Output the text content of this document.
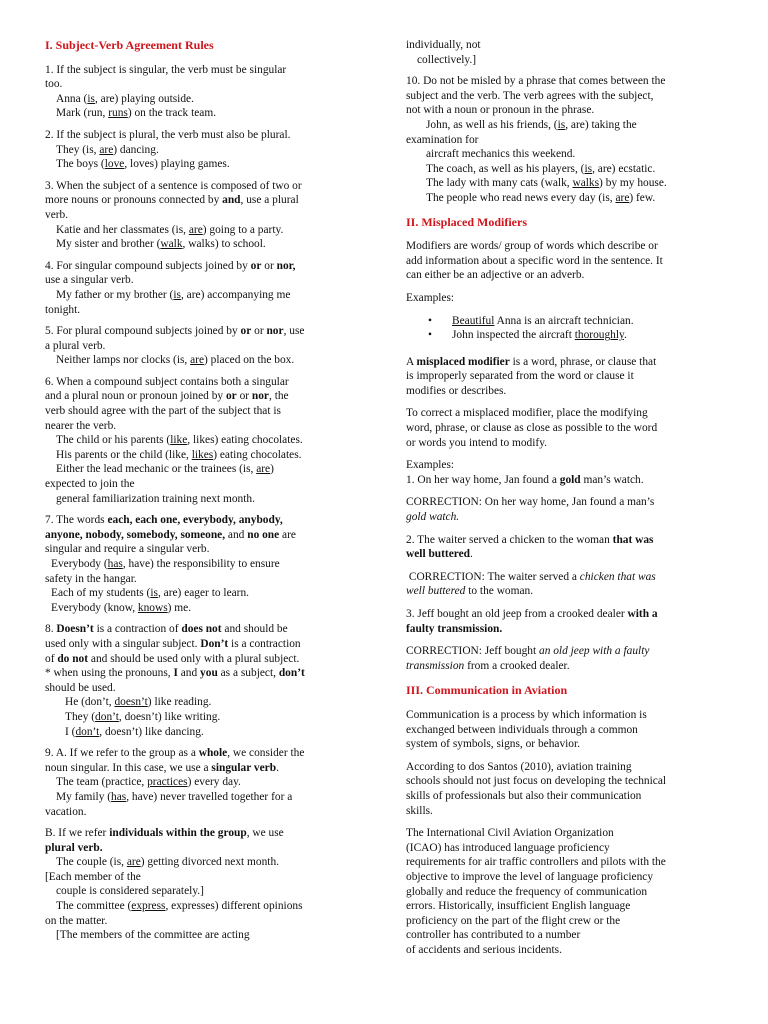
I. Subject-Verb Agreement Rules
1. If the subject is singular, the verb must be singular
too.
Anna (is, are) playing outside.

Mark (run, runs) on the track team.

2. If the subject is plural, the verb must also be plural.
They (is, are) dancing.
The boys (love, loves) playing games.
3. When the subject of a sentence is composed of two or
more nouns or pronouns connected by and, use a plural
verb.
Katie and her classmates (is, are) going to a party.
My sister and brother (walk, walks) to school.
4. For singular compound subjects joined by or or nor,
use a singular verb.
My father or my brother (is, are) accompanying me
tonight.
5. For plural compound subjects joined by or or nor, use
a plural verb.
Neither lamps nor clocks (is, are) placed on the box.
6. When a compound subject contains both a singular
and a plural noun or pronoun joined by or or nor, the
verb should agree with the part of the subject that is
nearer the verb.
The child or his parents (like, likes) eating chocolates.
His parents or the child (like, likes) eating chocolates.
Either the lead mechanic or the trainees (is, are)
expected to join the
general familiarization training next month.
7. The words each, each one, everybody, anybody,
anyone, nobody, somebody, someone, and no one are
singular and require a singular verb.
Everybody (has, have) the responsibility to ensure
safety in the hangar.
Each of my students (is, are) eager to learn.
Everybody (know, knows) me.
8. Doesn’t is a contraction of does not and should be
used only with a singular subject. Don’t is a contraction
of do not and should be used only with a plural subject.
* when using the pronouns, I and you as a subject, don’t
should be used.
He (don’t, doesn’t) like reading.
They (don’t, doesn’t) like writing.
I (don’t, doesn’t) like dancing.
9. A. If we refer to the group as a whole, we consider the
noun singular. In this case, we use a singular verb.
The team (practice, practices) every day.
My family (has, have) never travelled together for a
vacation.
B. If we refer individuals within the group, we use
plural verb.
The couple (is, are) getting divorced next month.
[Each member of the
couple is considered separately.]
The committee (express, expresses) different opinions
on the matter.
[The members of the committee are acting
individually, not
collectively.]
10. Do not be misled by a phrase that comes between the
subject and the verb. The verb agrees with the subject,
not with a noun or pronoun in the phrase.
John, as well as his friends, (is, are) taking the
examination for
aircraft mechanics this weekend.
The coach, as well as his players, (is, are) ecstatic.
The lady with many cats (walk, walks) by my house.
The people who read news every day (is, are) few.
II. Misplaced Modifiers

Modifiers are words/ group of words which describe or
add information about a specific word in the sentence. It
can either be an adjective or an adverb.

Examples:

• Beautiful Anna is an aircraft technician.
• John inspected the aircraft thoroughly.

A misplaced modifier is a word, phrase, or clause that
is improperly separated from the word or clause it
modifies or describes.

To correct a misplaced modifier, place the modifying
word, phrase, or clause as close as possible to the word
or words you intend to modify.

Examples:

1. On her way home, Jan found a gold man’s watch.

CORRECTION: On her way home, Jan found a man’s
gold watch.

2. The waiter served a chicken to the woman that was
well buttered.

CORRECTION: The waiter served a chicken that was
well buttered to the woman.

3. Jeff bought an old jeep from a crooked dealer with a
faulty transmission.

CORRECTION: Jeff bought an old jeep with a faulty
transmission from a crooked dealer.

III. Communication in Aviation

Communication is a process by which information is
exchanged between individuals through a common
system of symbols, signs, or behavior.

According to dos Santos (2010), aviation training
schools should not just focus on developing the technical
skills of professionals but also their communication
skills.

The International Civil Aviation Organization
(ICAO) has introduced language proficiency
requirements for air traffic controllers and pilots with the
objective to improve the level of language proficiency
globally and reduce the frequency of communication
errors. Historically, insufficient English language
proficiency on the part of the flight crew or the
controller has contributed to a number
of accidents and serious incidents.
